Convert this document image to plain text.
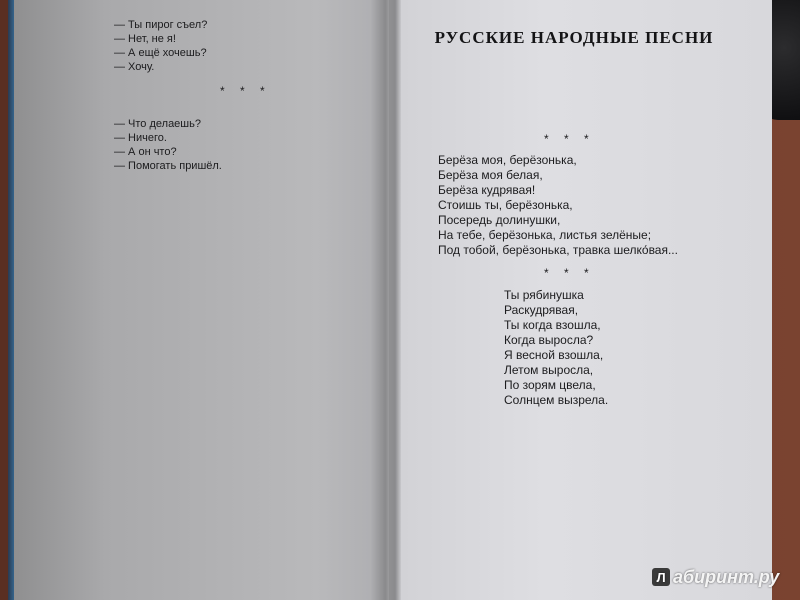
— Ты пирог съел?
— Нет, не я!
— А ещё хочешь?
— Хочу.
* * *
— Что делаешь?
— Ничего.
— А он что?
— Помогать пришёл.
РУССКИЕ НАРОДНЫЕ ПЕСНИ
* * *
Берёза моя, берёзонька,
Берёза моя белая,
Берёза кудрявая!
Стоишь ты, берёзонька,
Посередь долинушки,
На тебе, берёзонька, листья зелёные;
Под тобой, берёзонька, травка шелко́вая...
* * *
Ты рябинушка
Раскудрявая,
Ты когда взошла,
Когда выросла?
Я весной взошла,
Летом выросла,
По зорям цвела,
Солнцем вызрела.
Л абиринт.ру
